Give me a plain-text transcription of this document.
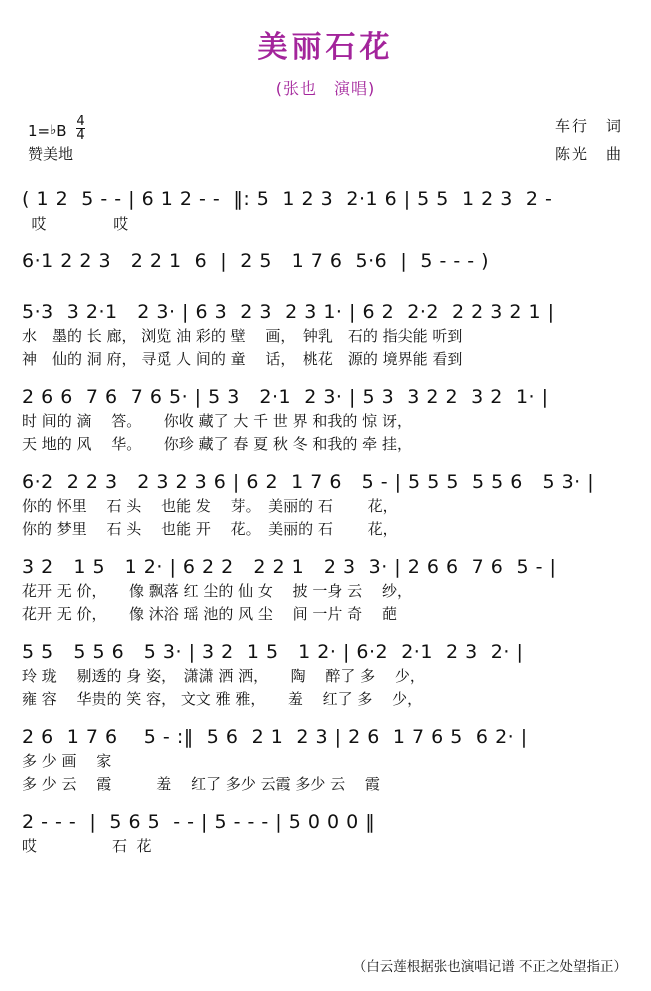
美丽石花
(张也　演唱)
1=♭B $\frac{4}{4}$
赞美地
车行　词
陈光　曲
( 1 2  5 - - | 6 1 2 - -  ‖: 5  1 2 3  2·1 6 | 5 5  1 2 3  2 -
哎              哎
6·1 2 2 3   2 2 1  6  |  2 5   1 7 6  5·6  |  5 - - - )
5·3  3 2·1   2 3· | 6 3  2 3  2 3 1· | 6 2  2·2  2 2 3 2 1 |
水　墨的 长 廊， 浏览 油 彩的 壁　 画，　钟乳　石的 指尖能 听到
神　仙的 洞 府， 寻觅 人 间的 童　 话，　桃花　源的 境界能 看到
2 6 6  7 6  7 6 5· | 5 3   2·1  2 3· | 5 3  3 2 2  3 2  1· |
时 间的 滴　 答。　　你收 藏了 大 千 世 界 和我的 惊 讶，
天 地的 风　 华。　　你珍 藏了 春 夏 秋 冬 和我的 牵 挂，
6·2  2 2 3   2 3 2 3 6 | 6 2  1 7 6   5 - | 5 5 5  5 5 6   5 3· |
你的 怀里　 石 头　 也能 发　 芽。　美丽的 石　　 花，
你的 梦里　 石 头　 也能 开　 花。　美丽的 石　　 花，
3 2   1 5   1 2· | 6 2 2   2 2 1   2 3  3· | 2 6 6  7 6  5 - |
花开 无 价，　　像 飘落 红 尘的 仙 女　 披 一身 云　 纱，
花开 无 价，　　像 沐浴 瑶 池的 风 尘　 间 一片 奇　 葩
5 5   5 5 6   5 3· | 3 2  1 5   1 2· | 6·2  2·1  2 3  2· |
玲 珑　 剔透的 身 姿，　潇潇 洒 洒，　　陶　 醉了 多　 少，
雍 容　 华贵的 笑 容， 文文 雅 雅，　　羞　 红了 多　 少，
2 6  1 7 6    5 - :‖  5 6  2 1  2 3 | 2 6  1 7 6 5  6 2· |
多 少 画　 家
多 少 云　 霞　　　羞　 红了 多少 云霞 多少 云　 霞
2 - - -  |  5 6 5  - - | 5 - - - | 5 0 0 0 ‖
哎　　　　　石  花
（白云莲根据张也演唱记谱 不正之处望指正）
